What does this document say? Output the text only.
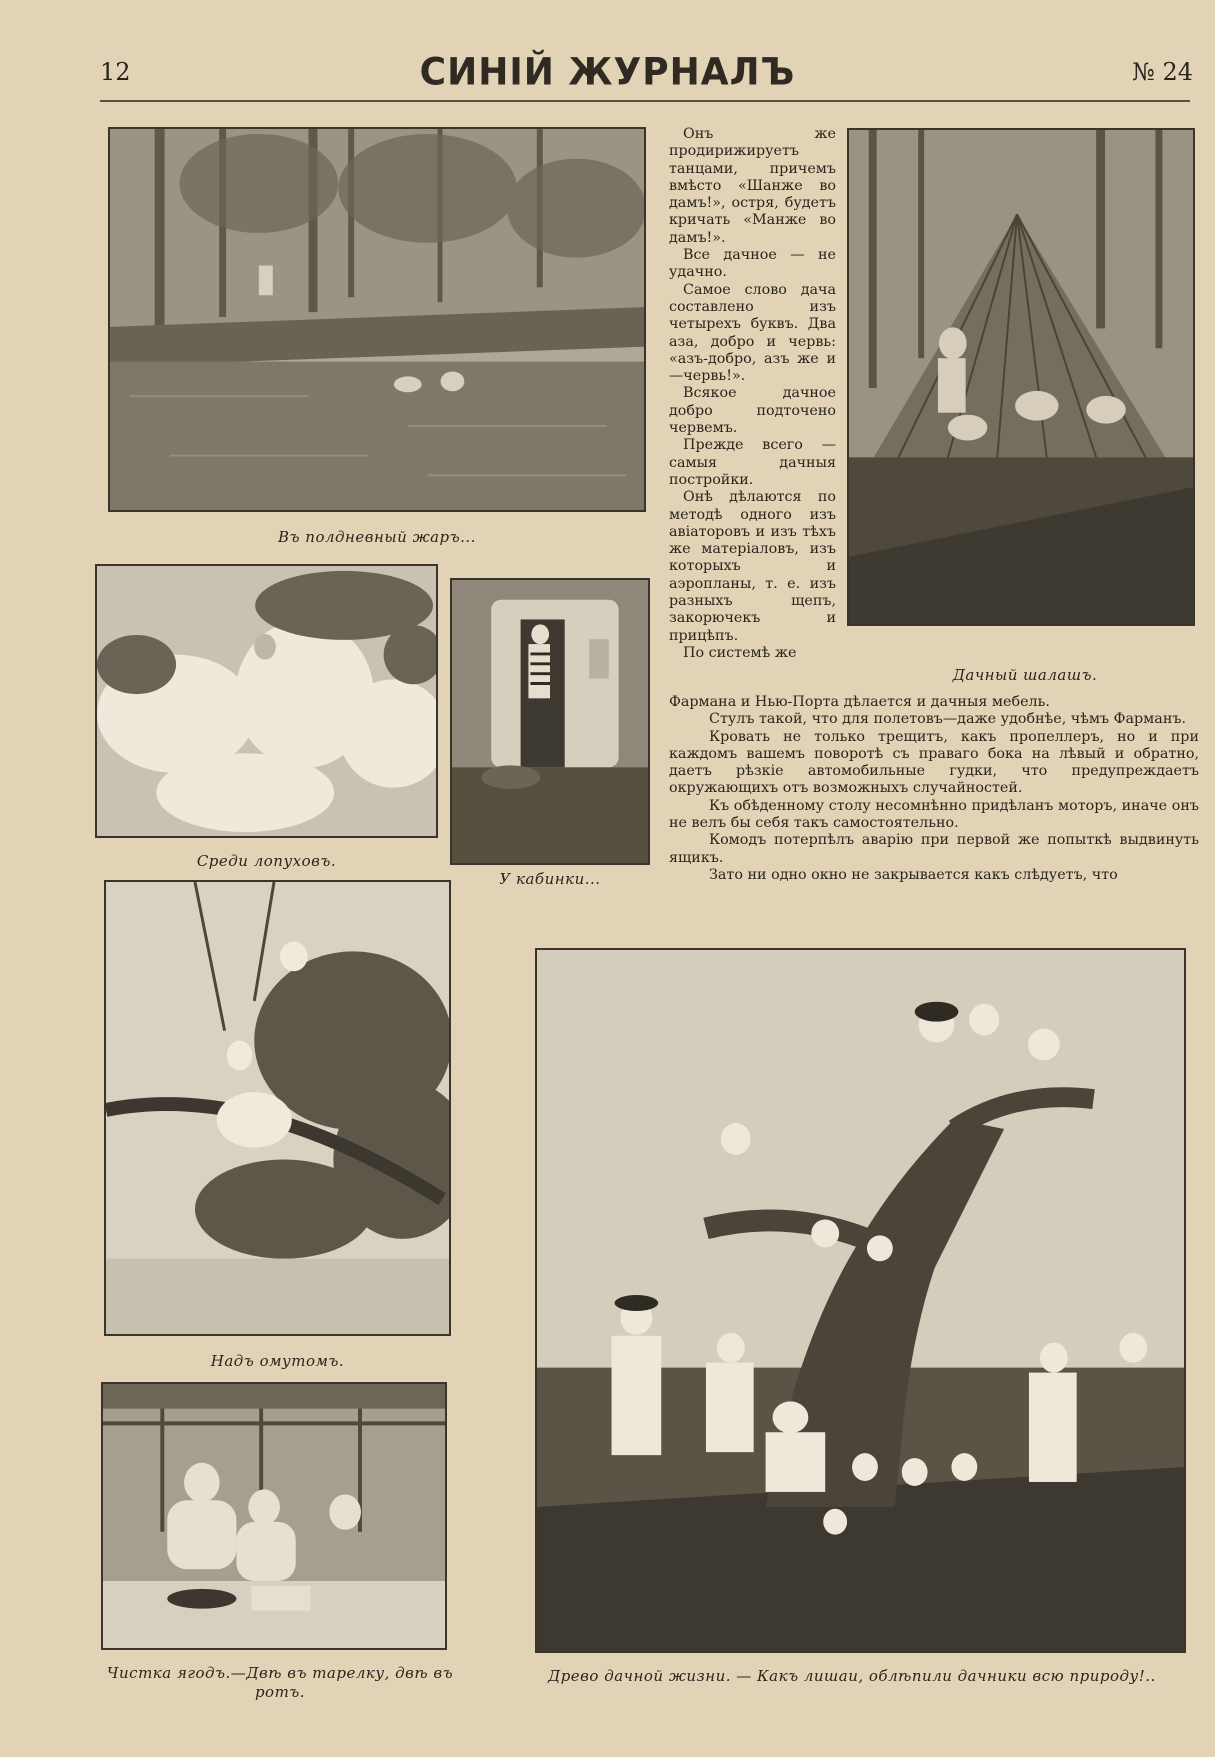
12	СИНІЙ ЖУРНАЛЪ	№ 24
Въ полдневный жаръ...
Дачный шалашъ.

Онъ же продирижируетъ танцами, причемъ вмѣсто «Шанже во дамъ!», остря, будетъ кричать «Манже во дамъ!».

Все дачное — не удачно.

Самое слово дача составлено изъ четырехъ буквъ. Два аза, добро и червь: «азъ-добро, азъ же и—червь!».

Всякое дачное добро подточено червемъ.

Прежде всего — самыя дачныя постройки.

Онѣ дѣлаются по методѣ одного изъ авіаторовъ и изъ тѣхъ же матеріаловъ, изъ которыхъ и аэропланы, т. е. изъ разныхъ щепъ, закорючекъ и прицѣпъ.

По системѣ же

Среди лопуховъ.
У кабинки...

Фармана и Нью-Порта дѣлается и дачныя мебель.

Стулъ такой, что для полетовъ—даже удобнѣе, чѣмъ Фарманъ.

Кровать не только трещитъ, какъ пропеллеръ, но и при каждомъ вашемъ поворотѣ съ праваго бока на лѣвый и обратно, даетъ рѣзкіе автомобильные гудки, что предупреждаетъ окружающихъ отъ возможныхъ случайностей.

Къ обѣденному столу несомнѣнно придѣланъ моторъ, иначе онъ не велъ бы себя такъ самостоятельно.

Комодъ потерпѣлъ аварію при первой же попыткѣ выдвинуть ящикъ.

Зато ни одно окно не закрывается какъ слѣдуетъ, что

Надъ омутомъ.
Чистка ягодъ.—Двѣ въ тарелку, двѣ въ ротъ.
Древо дачной жизни. — Какъ лишаи, облѣпили дачники всю природу!..
